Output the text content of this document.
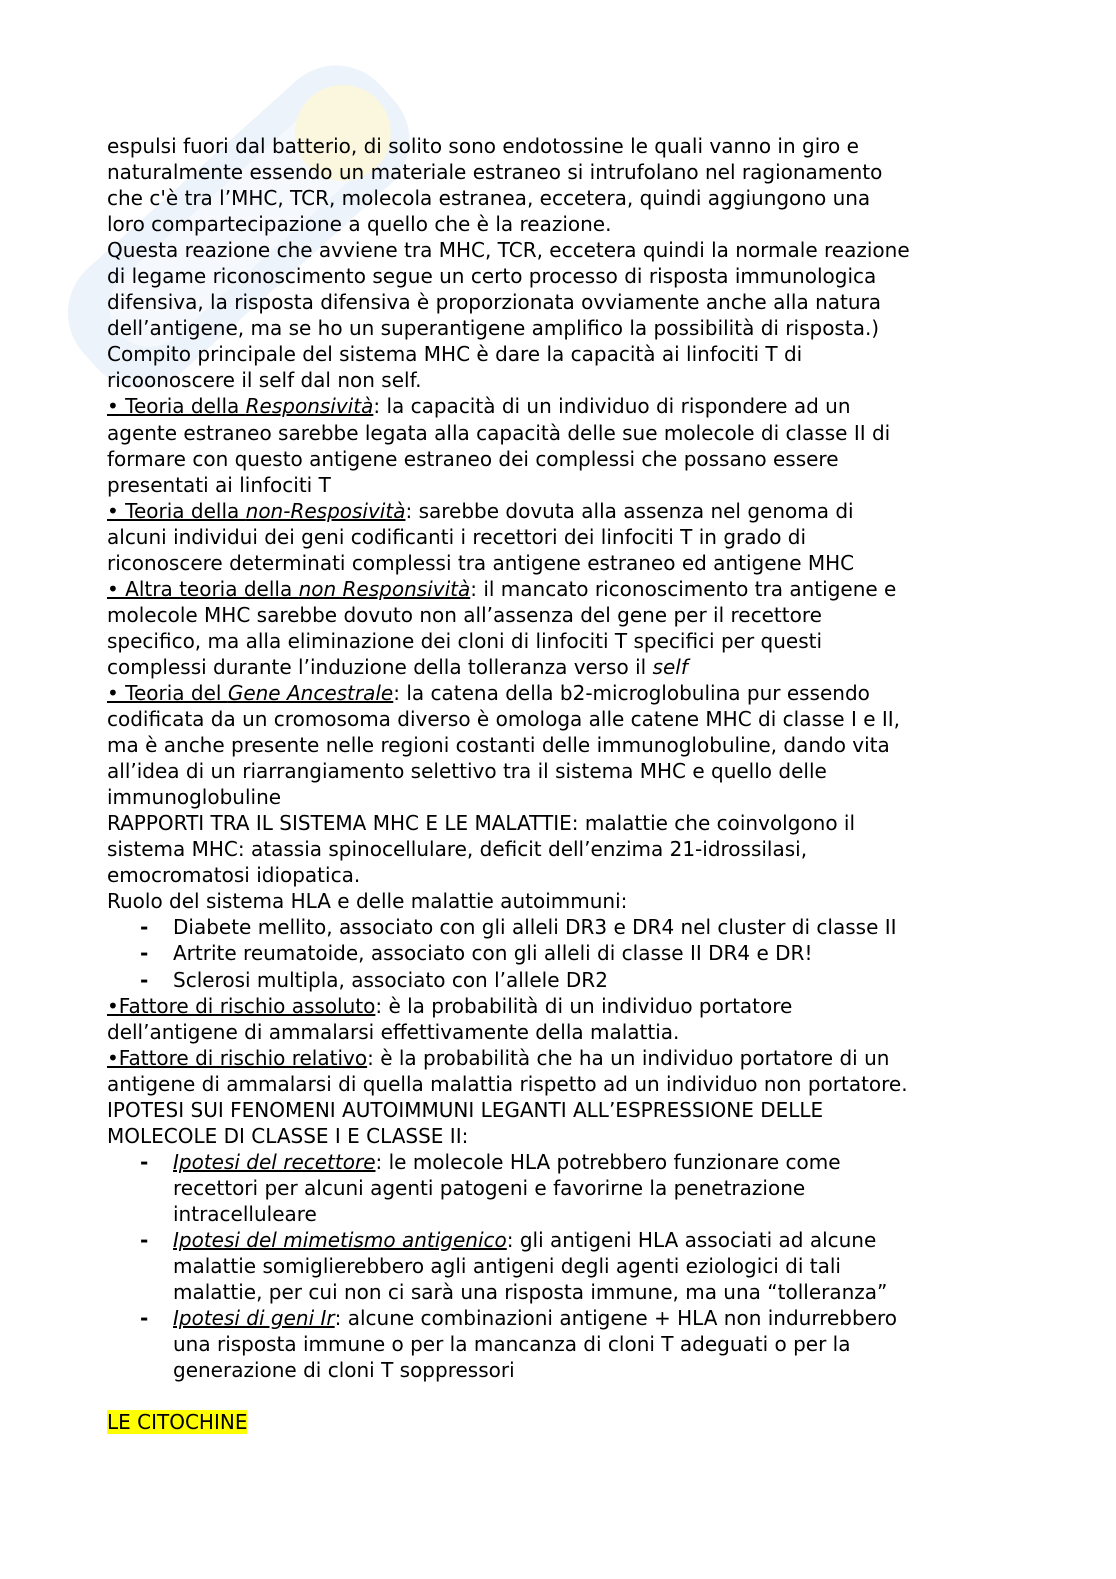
espulsi fuori dal batterio, di solito sono endotossine le quali vanno in giro e
naturalmente essendo un materiale estraneo si intrufolano nel ragionamento
che c'è tra l’MHC, TCR, molecola estranea, eccetera, quindi aggiungono una
loro compartecipazione a quello che è la reazione.
Questa reazione che avviene tra MHC, TCR, eccetera quindi la normale reazione
di legame riconoscimento segue un certo processo di risposta immunologica
difensiva, la risposta difensiva è proporzionata ovviamente anche alla natura
dell’antigene, ma se ho un superantigene amplifico la possibilità di risposta.)
Compito principale del sistema MHC è dare la capacità ai linfociti T di
ricoonoscere il self dal non self.
• Teoria della Responsività: la capacità di un individuo di rispondere ad un
agente estraneo sarebbe legata alla capacità delle sue molecole di classe II di
formare con questo antigene estraneo dei complessi che possano essere
presentati ai linfociti T
• Teoria della non-Resposività: sarebbe dovuta alla assenza nel genoma di
alcuni individui dei geni codificanti i recettori dei linfociti T in grado di
riconoscere determinati complessi tra antigene estraneo ed antigene MHC
• Altra teoria della non Responsività: il mancato riconoscimento tra antigene e
molecole MHC sarebbe dovuto non all’assenza del gene per il recettore
specifico, ma alla eliminazione dei cloni di linfociti T specifici per questi
complessi durante l’induzione della tolleranza verso il self
• Teoria del Gene Ancestrale: la catena della b2-microglobulina pur essendo
codificata da un cromosoma diverso è omologa alle catene MHC di classe I e II,
ma è anche presente nelle regioni costanti delle immunoglobuline, dando vita
all’idea di un riarrangiamento selettivo tra il sistema MHC e quello delle
immunoglobuline
RAPPORTI TRA IL SISTEMA MHC E LE MALATTIE: malattie che coinvolgono il
sistema MHC: atassia spinocellulare, deficit dell’enzima 21-idrossilasi,
emocromatosi idiopatica.
Ruolo del sistema HLA e delle malattie autoimmuni:
- Diabete mellito, associato con gli alleli DR3 e DR4 nel cluster di classe II
- Artrite reumatoide, associato con gli alleli di classe II DR4 e DR!
- Sclerosi multipla, associato con l’allele DR2
•Fattore di rischio assoluto: è la probabilità di un individuo portatore
dell’antigene di ammalarsi effettivamente della malattia.
•Fattore di rischio relativo: è la probabilità che ha un individuo portatore di un
antigene di ammalarsi di quella malattia rispetto ad un individuo non portatore.
IPOTESI SUI FENOMENI AUTOIMMUNI LEGANTI ALL’ESPRESSIONE DELLE
MOLECOLE DI CLASSE I E CLASSE II:
- Ipotesi del recettore: le molecole HLA potrebbero funzionare come
recettori per alcuni agenti patogeni e favorirne la penetrazione
intracelluleare
- Ipotesi del mimetismo antigenico: gli antigeni HLA associati ad alcune
malattie somiglierebbero agli antigeni degli agenti eziologici di tali
malattie, per cui non ci sarà una risposta immune, ma una “tolleranza”
- Ipotesi di geni Ir: alcune combinazioni antigene + HLA non indurrebbero
una risposta immune o per la mancanza di cloni T adeguati o per la
generazione di cloni T soppressori
LE CITOCHINE
